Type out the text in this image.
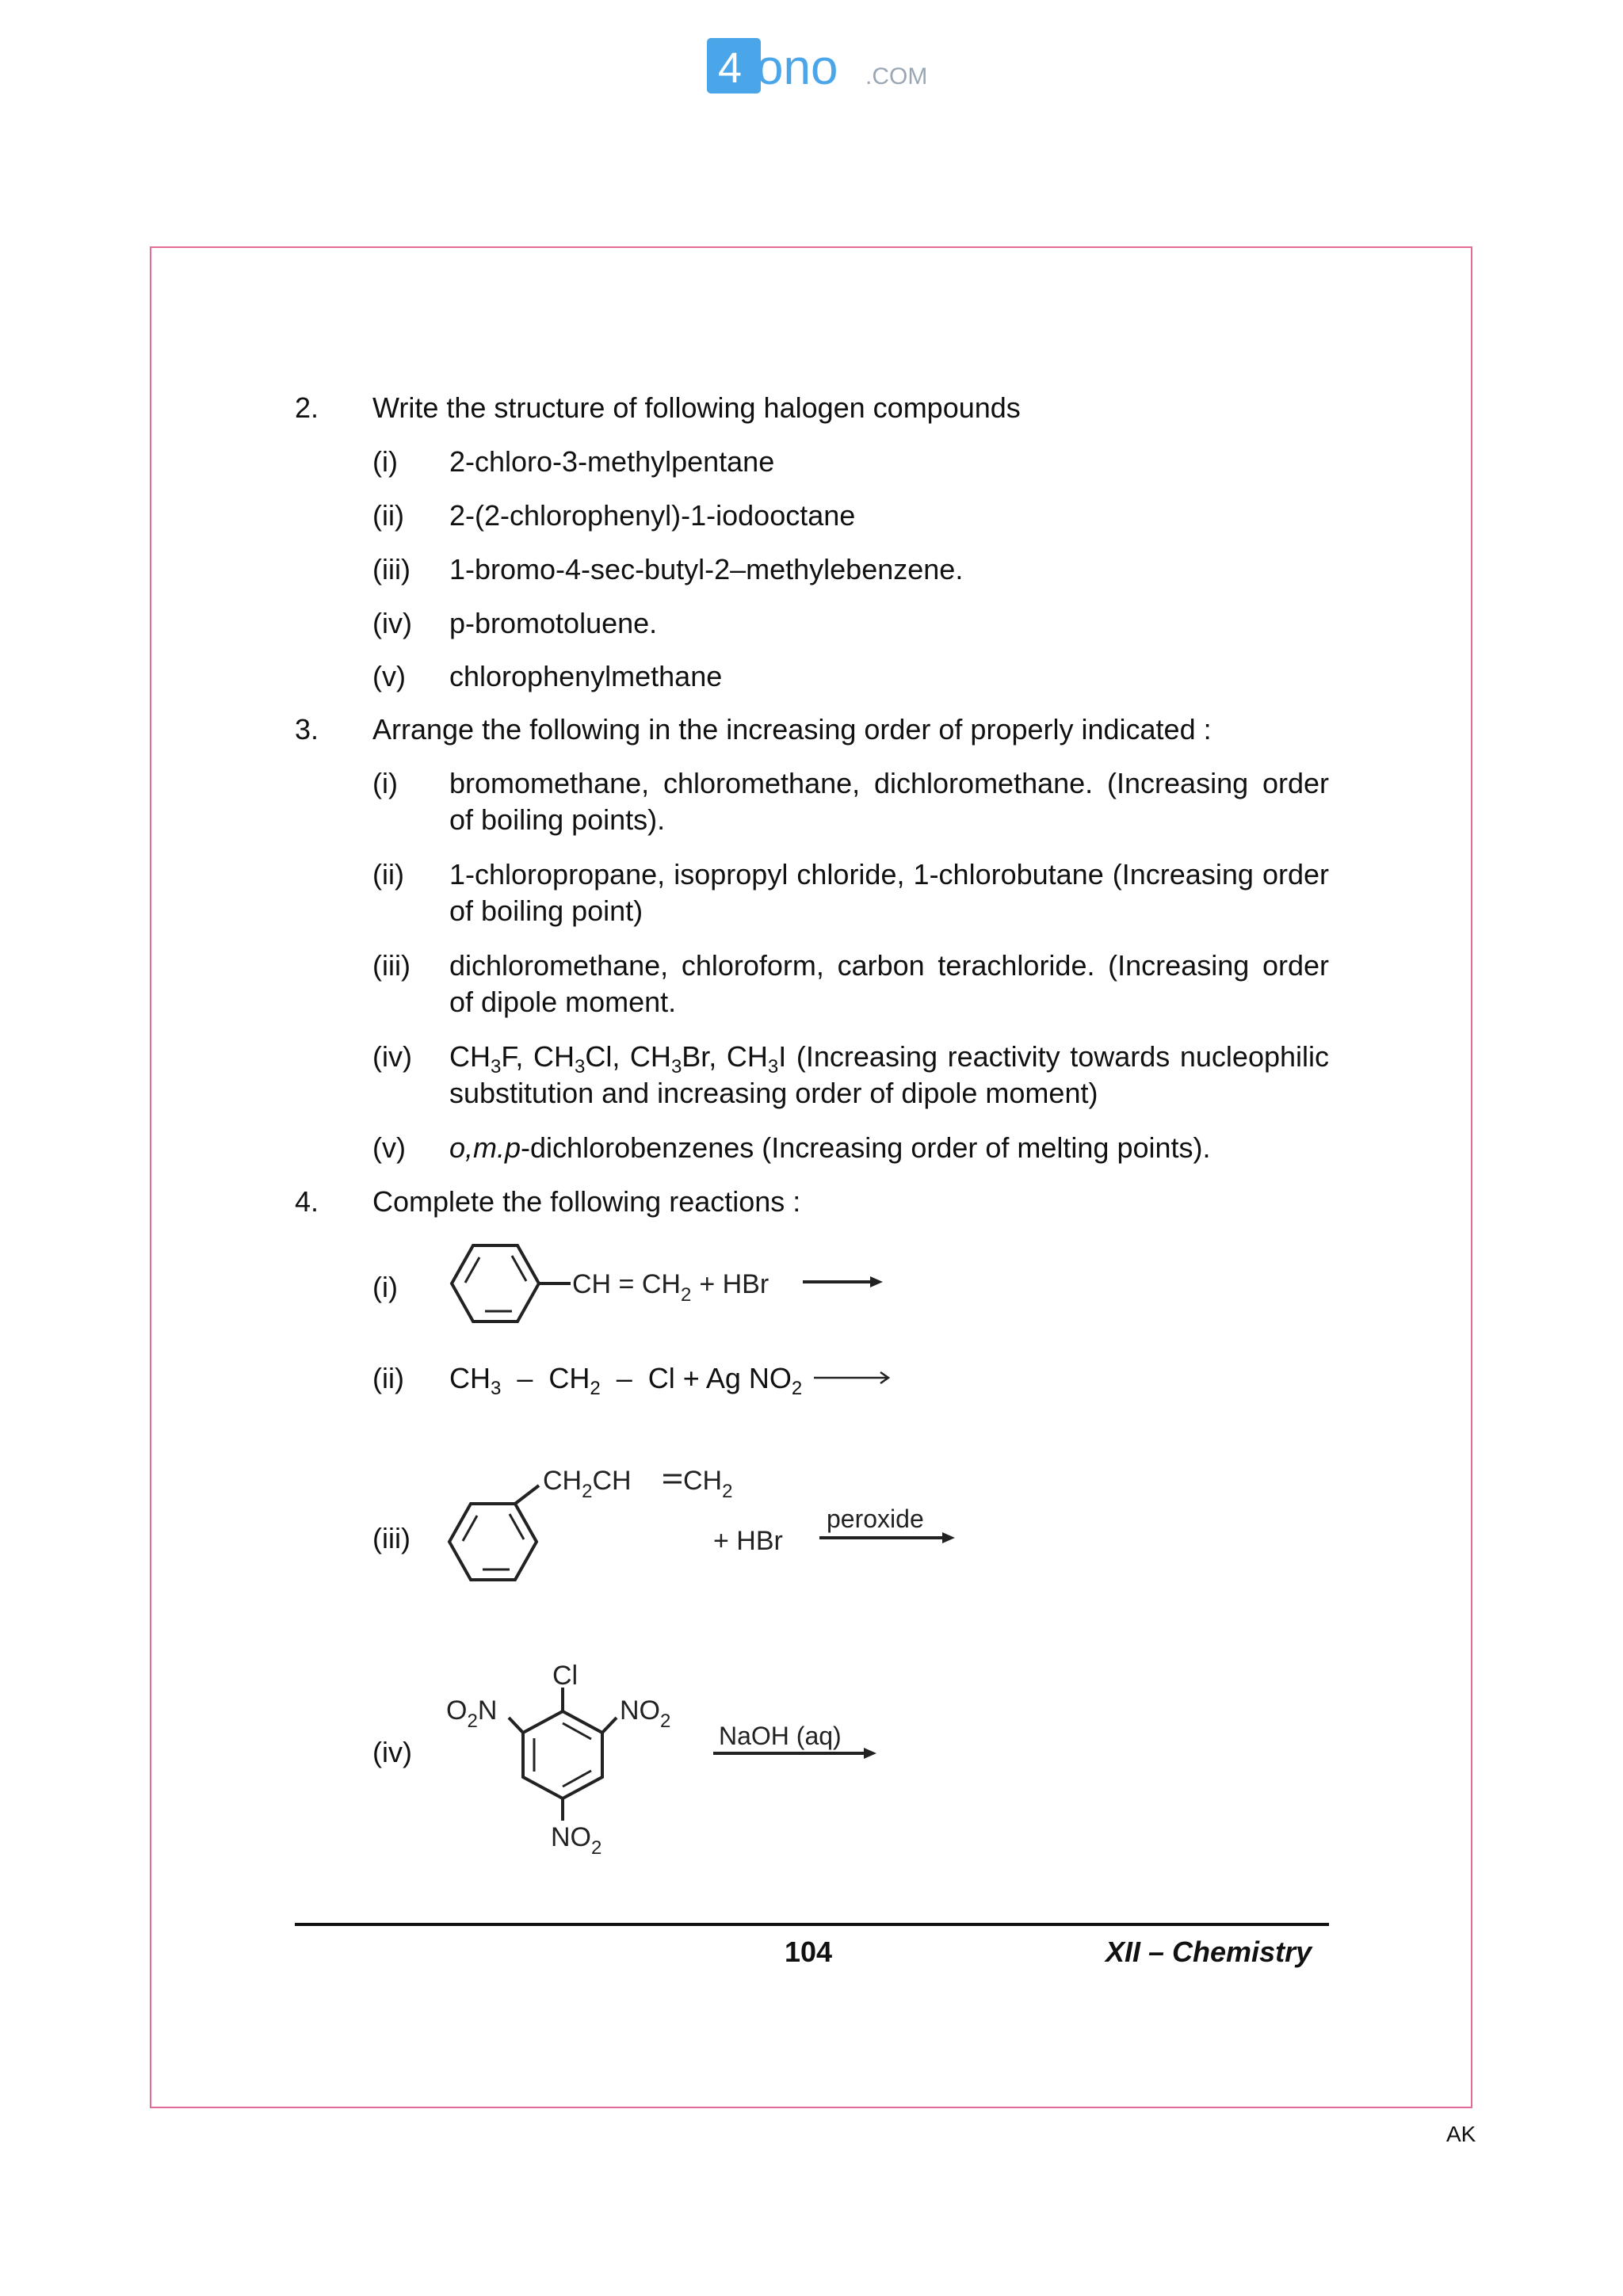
4 ono .COM
2. Write the structure of following halogen compounds
(i)	2-chloro-3-methylpentane
(ii)	2-(2-chlorophenyl)-1-iodooctane
(iii)	1-bromo-4-sec-butyl-2–methylebenzene.
(iv)	p-bromotoluene.
(v)	chlorophenylmethane
3. Arrange the following in the increasing order of properly indicated :
(i)	bromomethane, chloromethane, dichloromethane. (Increasing order
of boiling points).
(ii)	1-chloropropane, isopropyl chloride, 1-chlorobutane (Increasing order
of boiling point)
(iii)	dichloromethane, chloroform, carbon terachloride. (Increasing order
of dipole moment.
(iv)	$CH_3F$, $CH_3Cl$, $CH_3Br$, $CH_3I$ (Increasing reactivity towards nucleophilic
substitution and increasing order of dipole moment)
(v)	o,m.p-dichlorobenzenes (Increasing order of melting points).
4. Complete the following reactions :
(i)	CH = $CH_2$ + HBr
(ii)	$CH_3 - CH_2 - Cl + Ag$ $NO_2$
(iii)
$CH_2CH$ $CH_2$
+ HBr
peroxide
(iv)
Cl
$O_2N$	$NO_2$
$NO_2$
NaOH (aq)
104	XII – Chemistry
AK
